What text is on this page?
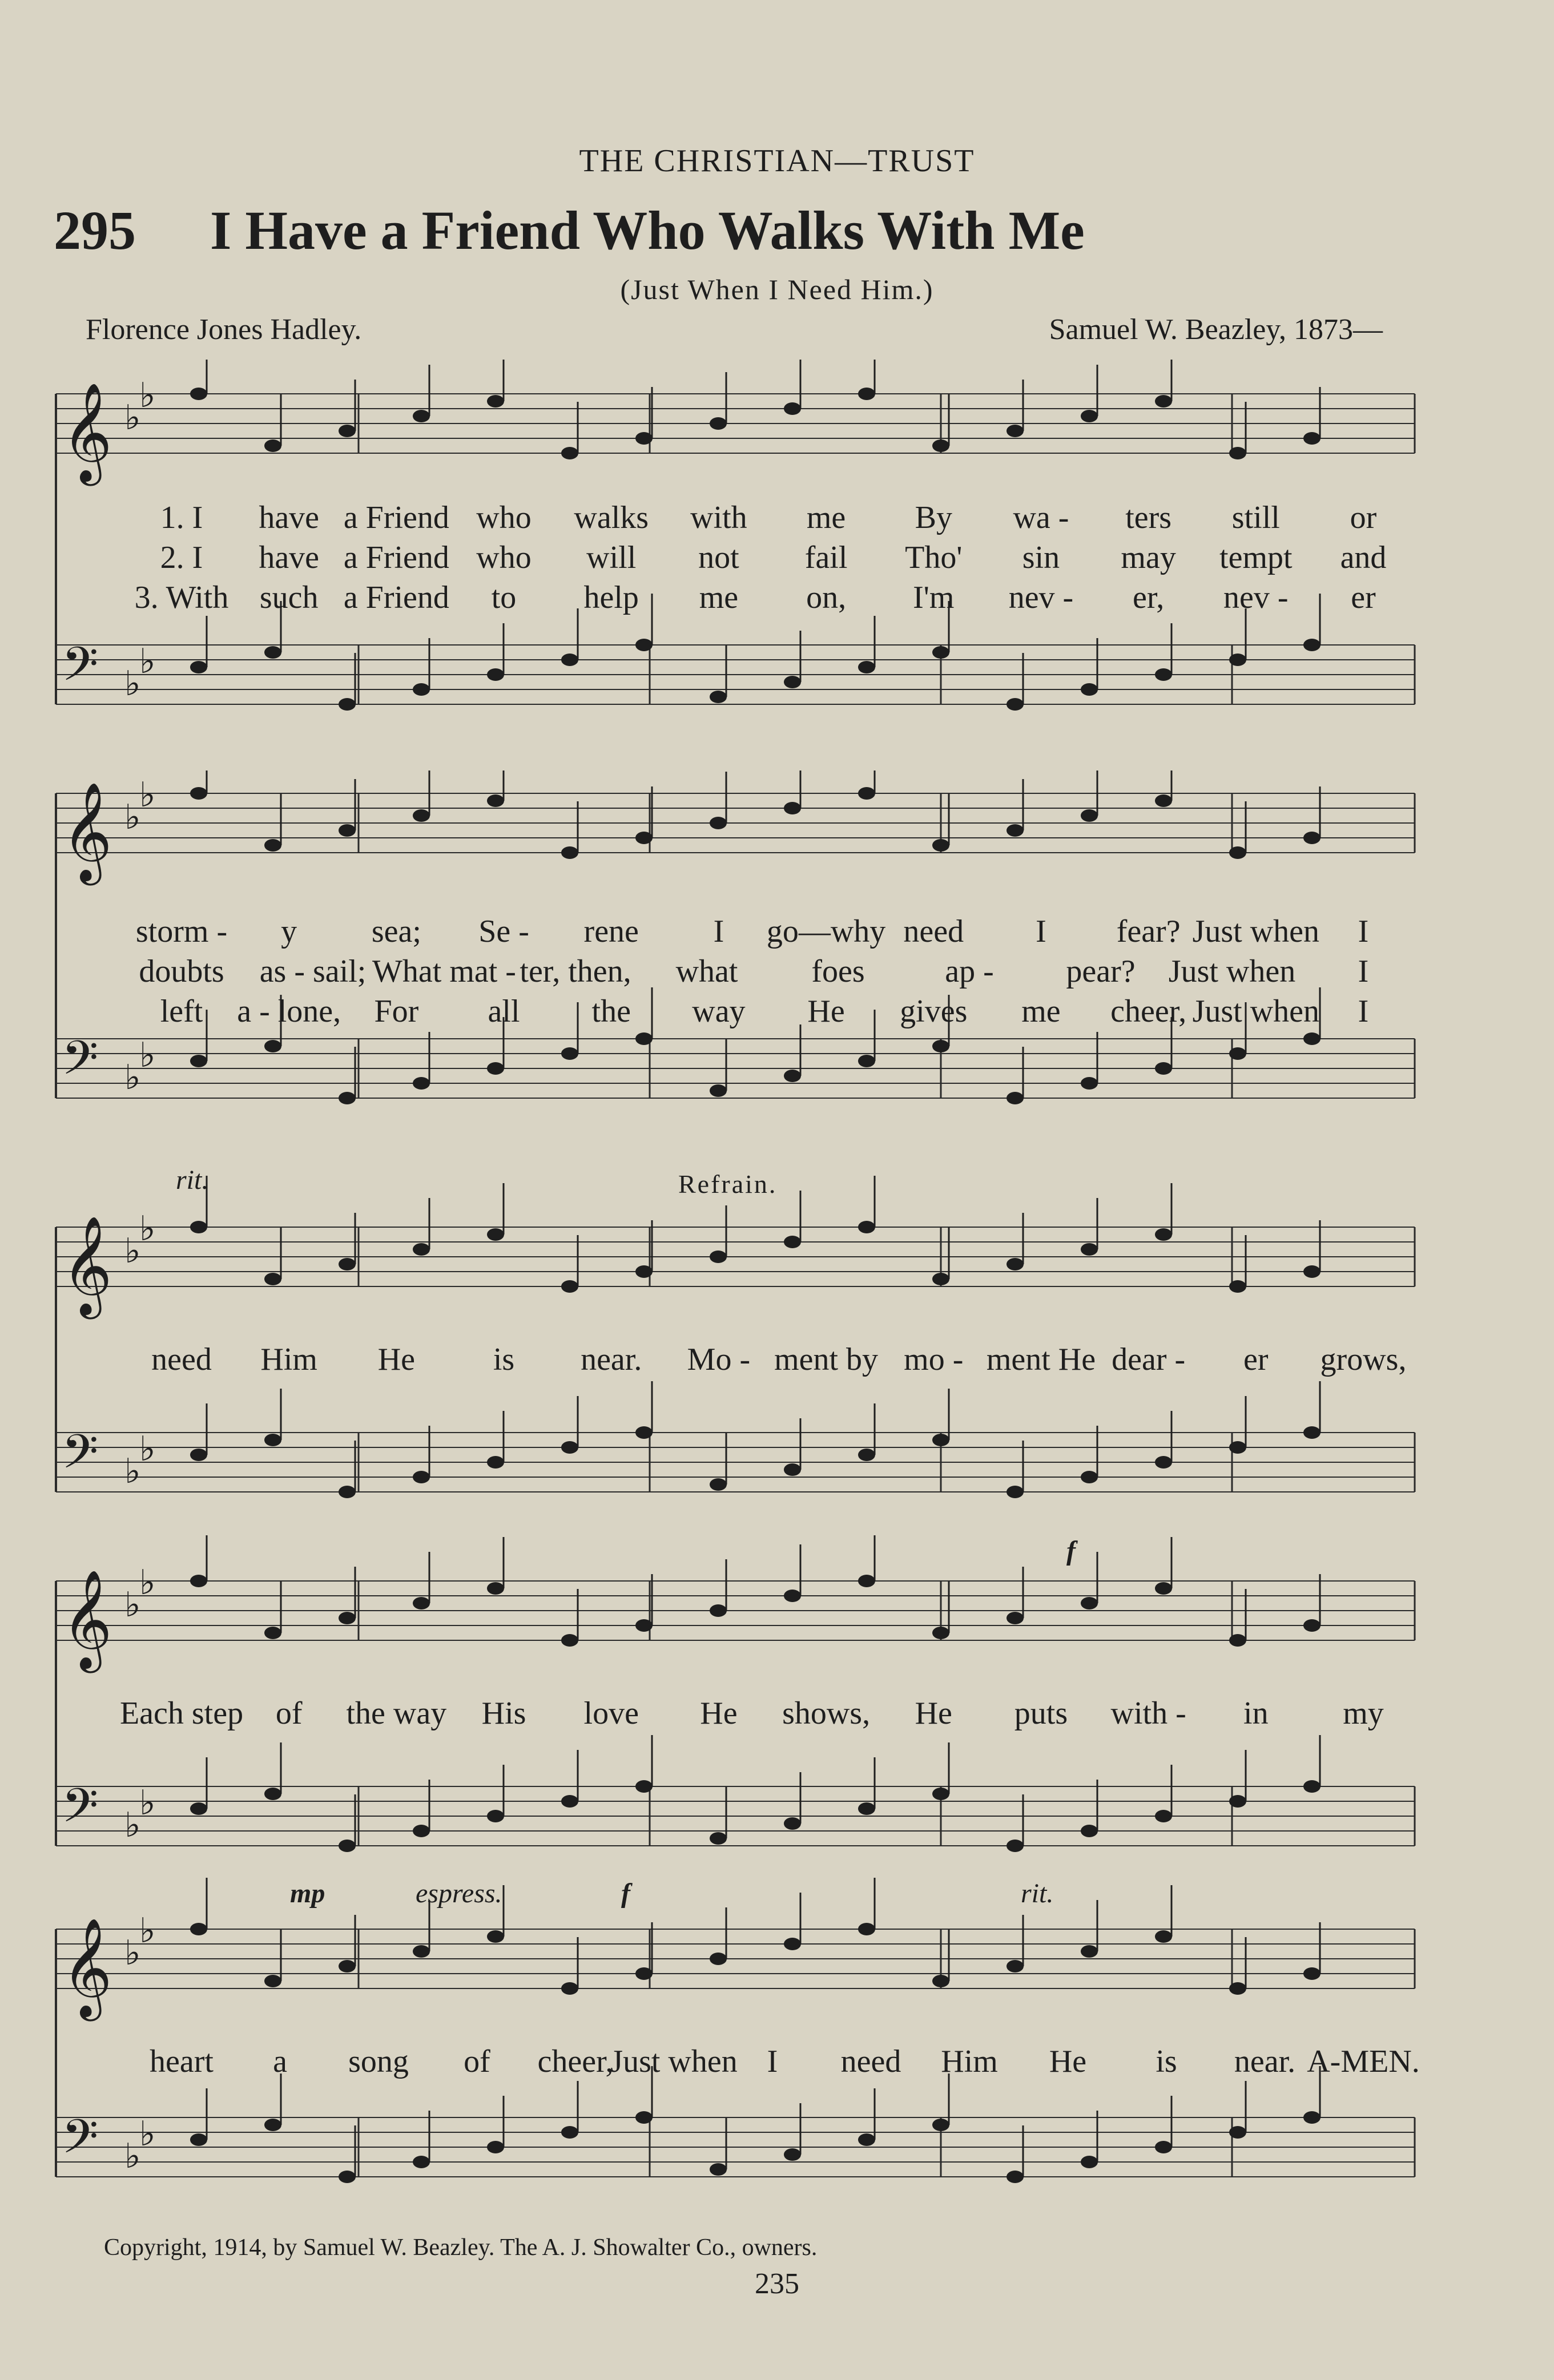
THE CHRISTIAN—TRUST
295 I Have a Friend Who Walks With Me
(Just When I Need Him.)
Florence Jones Hadley.	Samuel W. Beazley, 1873—
𝄞 ♭
♭
𝄢 ♭
♭
1. I have a Friend who walks with me By wa - ters still or
2. I have a Friend who will not fail Tho' sin may tempt and
3. With such a Friend to help me on, I'm nev - er, nev - er
𝄞 ♭
♭
𝄢 ♭
♭
storm - y sea; Se - rene I go—why need I fear? Just when I
doubts as - sail; What mat - ter, then, what foes	ap - pear? Just when I
left a - lone, For all the way He gives me cheer, Just when I
rit.	Refrain.
𝄞 ♭
♭
𝄢 ♭
♭
need Him He is near. Mo - ment by mo - ment He dear - er grows,
𝄞 ♭
♭
𝄢 ♭
♭
f
Each step of the way His love He shows, He puts with - in my
mp	espress.	f	rit.
𝄞 ♭
♭
𝄢 ♭
♭
heart a song of cheer,
Just when I need Him He is near. A-MEN.
Copyright, 1914, by Samuel W. Beazley. The A. J. Showalter Co., owners.
235
